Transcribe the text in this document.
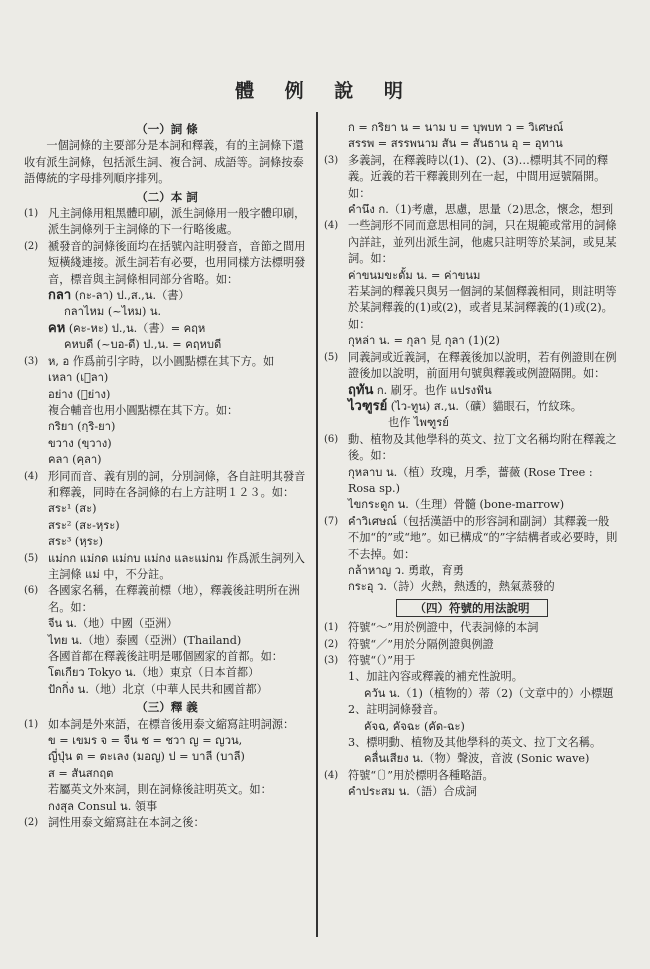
體 例 說 明
（一）詞 條
一個詞條的主要部分是本詞和釋義，有的主詞條下還收有派生詞條，包括派生詞、複合詞、成語等。詞條按泰語傳統的字母排列順序排列。
（二）本 詞
(1) 凡主詞條用粗黑體印刷，派生詞條用一般字體印刷，派生詞條列于主詞條的下一行略後處。
(2) 褫發音的詞條後面均在括號內註明發音，音節之間用短橫綫連接。派生詞若有必要，也用同樣方法標明發音，標音與主詞條相同部分省略。如：
กลา (กะ-ลา) ป.,ส.,น.（書）
กลาไหม (~ไหม) น.
คห (คะ-หะ) ป.,น.（書）= คฤห
คหบดี (~บอ-ดี) ป.,น. = คฤหบดี
(3) ห, อ 作爲前引字時，以小圓點標在其下方。如
เหลา (เห̣ลา)
อย่าง (อ̣ย่าง)
複合輔音也用小圓點標在其下方。如：
กริยา (กฺริ-ยา)
ขวาง (ขฺวาง)
คลา (คฺลา)
(4) 形同而音、義有別的詞，分別詞條，各自註明其發音和釋義，同時在各詞條的右上方註明１２３。如：
สระ¹ (สะ)
สระ² (สะ-หฺระ)
สระ³ (หฺระ)
(5) แม่กก แม่กด แม่กบ แม่กง และแม่กม 作爲派生詞列入主詞條 แม่ 中，不分註。
(6) 各國家名稱，在釋義前標（地），釋義後註明所在洲名。如：
จีน น.（地）中國（亞洲）
ไทย น.（地）泰國（亞洲）(Thailand)
各國首都在釋義後註明是哪個國家的首都。如：
โตเกียว Tokyo น.（地）東京（日本首都）
ปักกิ่ง น.（地）北京（中華人民共和國首都）
（三）釋 義
(1) 如本詞是外來語，在標音後用泰文縮寫註明詞源：
ข = เขมร จ = จีน ช = ชวา ญ = ญวน,
ญี่ปุ่น ต = ตะเลง (มอญ) ป = บาลี (บาลี)
ส = สันสกฤต
若屬英文外來詞，則在詞條後註明英文。如：
กงสุล Consul น. 領事
(2) 詞性用泰文縮寫註在本詞之後：
ก = กริยา น = นาม บ = บุพบท ว = วิเศษณ์
สรรพ = สรรพนาม สัน = สันธาน อุ = อุทาน
(3) 多義詞，在釋義時以(1)、(2)、(3)…標明其不同的釋義。近義的若干釋義則列在一起，中間用逗號隔開。如：
คำนึง ก.（1)考慮，思慮，思量（2)思念，懷念，想到
(4) 一些詞形不同而意思相同的詞，只在規範或常用的詞條內詳註，並列出派生詞，他處只註明等於某詞，或見某詞。如：
ค่าขนมขะดั้ม น. = ค่าขนม
若某詞的釋義只與另一個詞的某個釋義相同，則註明等於某詞釋義的(1)或(2)，或者見某詞釋義的(1)或(2)。如：
กุหล่า น. = กุลา 見 กุลา (1)(2)
(5) 同義詞或近義詞，在釋義後加以說明，若有例證則在例證後加以說明，前面用句號與釋義或例證隔開。如：
ฤทัน ก. 刷牙。也作 แปรงฟัน
ไวฑูรย์ (ไว-ทูน) ส.,น.（礦）貓眼石，竹紋珠。
也作 ไพฑูรย์
(6) 動、植物及其他學科的英文、拉丁文名稱均附在釋義之後。如：
กุหลาบ น.（植）玫瑰，月季，薔薇 (Rose Tree : Rosa sp.)
ไขกระดูก น.（生理）骨髓 (bone-marrow)
(7) คำวิเศษณ์（包括漢語中的形容詞和副詞）其釋義一般不加“的”或“地”。如已構成“的”字結構者或必要時，則不去掉。如：
กล้าหาญ ว. 勇敢，育勇
กระอุ ว.（詩）火熱，熱透的，熱氣蒸發的
（四）符號的用法說明
(1) 符號“～”用於例證中，代表詞條的本詞
(2) 符號“／”用於分隔例證與例證
(3) 符號“（）”用于
1、加註內容或釋義的補充性說明。
ควัน น.（1)（植物的）蒂（2)（文章中的）小標題
2、註明詞條發音。
คัจฉ, คัจฉะ (คัด-ฉะ)
3、標明動、植物及其他學科的英文、拉丁文名稱。
คลื่นเสียง น.（物）聲波，音波 (Sonic wave)
(4) 符號“〔〕”用於標明各種略語。
คำประสม น.（語）合成詞
